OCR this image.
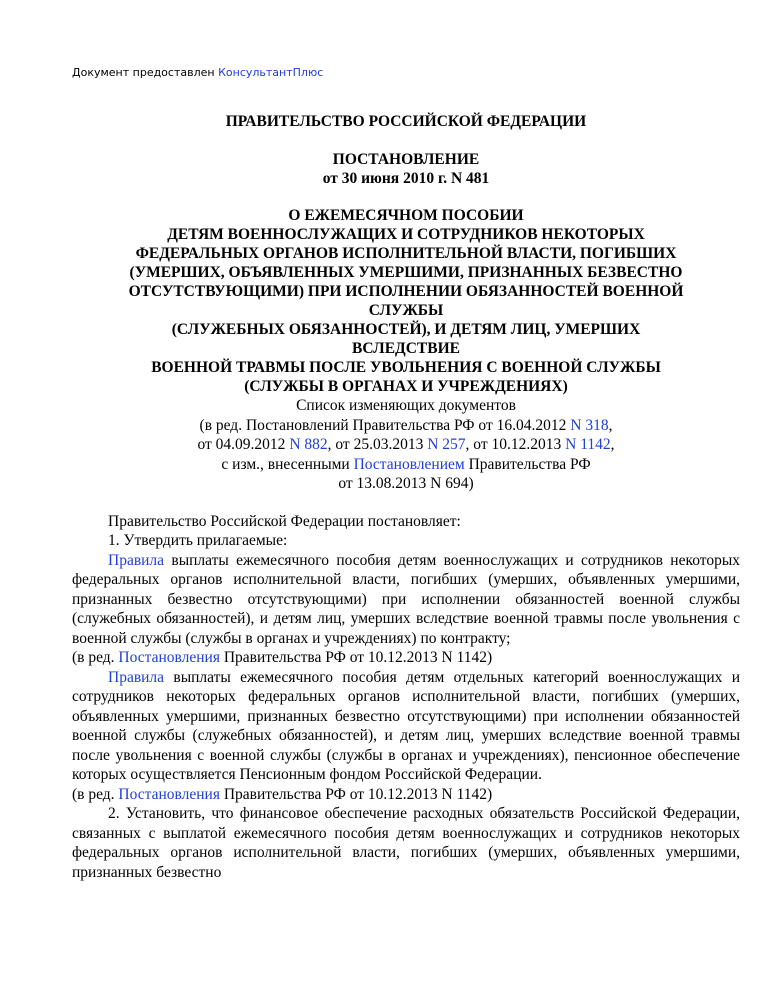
Документ предоставлен КонсультантПлюс

ПРАВИТЕЛЬСТВО РОССИЙСКОЙ ФЕДЕРАЦИИ

ПОСТАНОВЛЕНИЕ

от 30 июня 2010 г. N 481

О ЕЖЕМЕСЯЧНОМ ПОСОБИИ

ДЕТЯМ ВОЕННОСЛУЖАЩИХ И СОТРУДНИКОВ НЕКОТОРЫХ

ФЕДЕРАЛЬНЫХ ОРГАНОВ ИСПОЛНИТЕЛЬНОЙ ВЛАСТИ, ПОГИБШИХ

(УМЕРШИХ, ОБЪЯВЛЕННЫХ УМЕРШИМИ, ПРИЗНАННЫХ БЕЗВЕСТНО

ОТСУТСТВУЮЩИМИ) ПРИ ИСПОЛНЕНИИ ОБЯЗАННОСТЕЙ ВОЕННОЙ

СЛУЖБЫ

(СЛУЖЕБНЫХ ОБЯЗАННОСТЕЙ), И ДЕТЯМ ЛИЦ, УМЕРШИХ

ВСЛЕДСТВИЕ

ВОЕННОЙ ТРАВМЫ ПОСЛЕ УВОЛЬНЕНИЯ С ВОЕННОЙ СЛУЖБЫ

(СЛУЖБЫ В ОРГАНАХ И УЧРЕЖДЕНИЯХ)

Список изменяющих документов

(в ред. Постановлений Правительства РФ от 16.04.2012 N 318,

от 04.09.2012 N 882, от 25.03.2013 N 257, от 10.12.2013 N 1142,

с изм., внесенными Постановлением Правительства РФ

от 13.08.2013 N 694)

Правительство Российской Федерации постановляет:

1. Утвердить прилагаемые:

Правила выплаты ежемесячного пособия детям военнослужащих и сотрудников некоторых федеральных органов исполнительной власти, погибших (умерших, объявленных умершими, признанных безвестно отсутствующими) при исполнении обязанностей военной службы (служебных обязанностей), и детям лиц, умерших вследствие военной травмы после увольнения с военной службы (службы в органах и учреждениях) по контракту;

(в ред. Постановления Правительства РФ от 10.12.2013 N 1142)

Правила выплаты ежемесячного пособия детям отдельных категорий военнослужащих и сотрудников некоторых федеральных органов исполнительной власти, погибших (умерших, объявленных умершими, признанных безвестно отсутствующими) при исполнении обязанностей военной службы (служебных обязанностей), и детям лиц, умерших вследствие военной травмы после увольнения с военной службы (службы в органах и учреждениях), пенсионное обеспечение которых осуществляется Пенсионным фондом Российской Федерации.

(в ред. Постановления Правительства РФ от 10.12.2013 N 1142)

2. Установить, что финансовое обеспечение расходных обязательств Российской Федерации, связанных с выплатой ежемесячного пособия детям военнослужащих и сотрудников некоторых федеральных органов исполнительной власти, погибших (умерших, объявленных умершими, признанных безвестно
